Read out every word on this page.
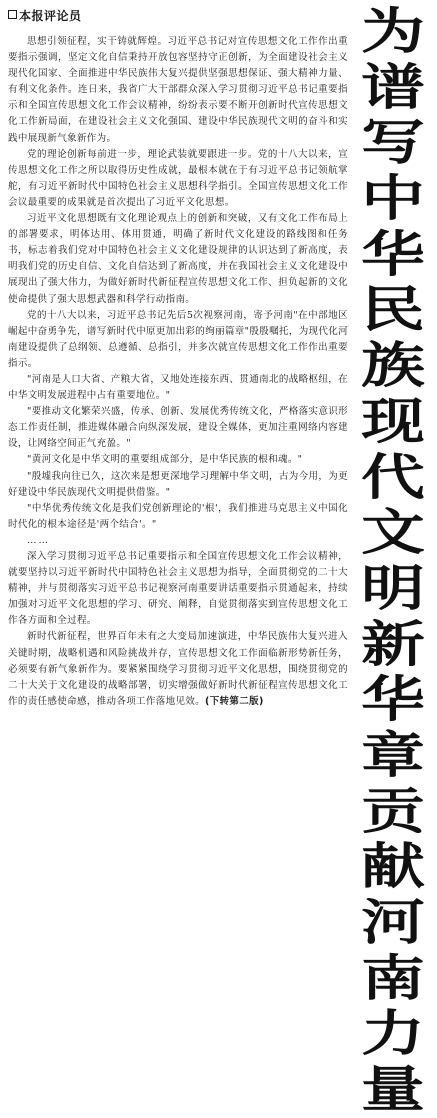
本报评论员

思想引领征程，实干铸就辉煌。习近平总书记对宣传思想文化工作作出重要指示强调，坚定文化自信秉持开放包容坚持守正创新，为全面建设社会主义现代化国家、全面推进中华民族伟大复兴提供坚强思想保证、强大精神力量、有利文化条件。连日来，我省广大干部群众深入学习贯彻习近平总书记重要指示和全国宣传思想文化工作会议精神，纷纷表示要不断开创新时代宣传思想文化工作新局面，在建设社会主义文化强国、建设中华民族现代文明的奋斗和实践中展现新气象新作为。

党的理论创新每前进一步，理论武装就要跟进一步。党的十八大以来，宣传思想文化工作之所以取得历史性成就，最根本就在于有习近平总书记领航掌舵，有习近平新时代中国特色社会主义思想科学指引。全国宣传思想文化工作会议最重要的成果就是首次提出了习近平文化思想。

习近平文化思想既有文化理论观点上的创新和突破，又有文化工作布局上的部署要求，明体达用、体用贯通，明确了新时代文化建设的路线图和任务书，标志着我们党对中国特色社会主义文化建设规律的认识达到了新高度，表明我们党的历史自信、文化自信达到了新高度，并在我国社会主义文化建设中展现出了强大伟力，为做好新时代新征程宣传思想文化工作、担负起新的文化使命提供了强大思想武器和科学行动指南。

党的十八大以来，习近平总书记先后5次视察河南，寄予河南"在中部地区崛起中奋勇争先，谱写新时代中原更加出彩的绚丽篇章"殷殷嘱托，为现代化河南建设提供了总纲领、总遵循、总指引，并多次就宣传思想文化工作作出重要指示。

"河南是人口大省、产粮大省，又地处连接东西、贯通南北的战略枢纽，在中华文明发展进程中占有重要地位。"

"要推动文化繁荣兴盛，传承、创新、发展优秀传统文化，严格落实意识形态工作责任制，推进媒体融合向纵深发展，建设全媒体，更加注重网络内容建设，让网络空间正气充盈。"

"黄河文化是中华文明的重要组成部分，是中华民族的根和魂。"

"殷墟我向往已久，这次来是想更深地学习理解中华文明，古为今用，为更好建设中华民族现代文明提供借鉴。"

"中华优秀传统文化是我们党创新理论的'根'，我们推进马克思主义中国化时代化的根本途径是'两个结合'。"

……

深入学习贯彻习近平总书记重要指示和全国宣传思想文化工作会议精神，就要坚持以习近平新时代中国特色社会主义思想为指导，全面贯彻党的二十大精神，并与贯彻落实习近平总书记视察河南重要讲话重要指示贯通起来，持续加强对习近平文化思想的学习、研究、阐释，自觉贯彻落实到宣传思想文化工作各方面和全过程。

新时代新征程，世界百年未有之大变局加速演进，中华民族伟大复兴进入关键时期，战略机遇和风险挑战并存，宣传思想文化工作面临新形势新任务，必须要有新气象新作为。要紧紧围绕学习贯彻习近平文化思想，围绕贯彻党的二十大关于文化建设的战略部署，切实增强做好新时代新征程宣传思想文化工作的责任感使命感，推动各项工作落地见效。(下转第二版)

为
谱
写
中
华
民
族
现
代
文
明
新
华
章
贡
献
河
南
力
量
